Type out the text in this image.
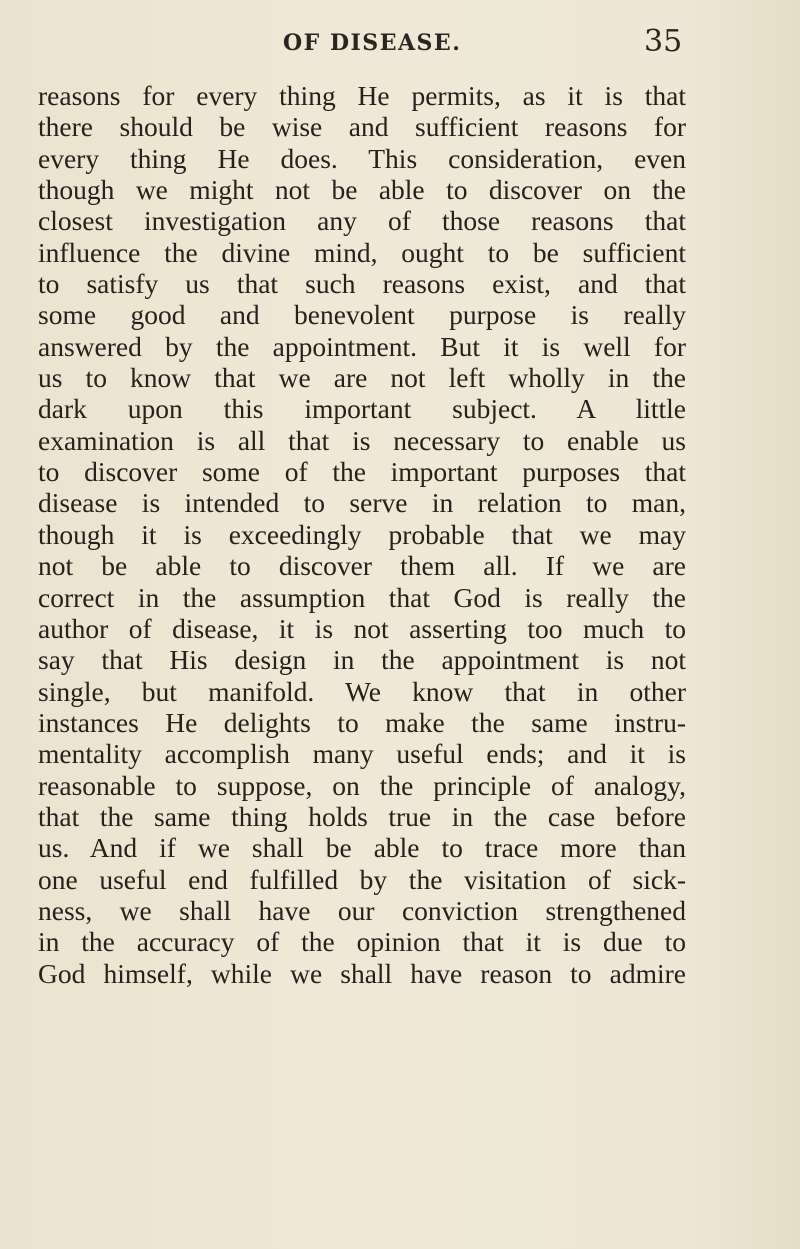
OF DISEASE.	35
reasons for every thing He permits, as it is that
there should be wise and sufficient reasons for
every thing He does. This consideration, even
though we might not be able to discover on the
closest investigation any of those reasons that
influence the divine mind, ought to be sufficient
to satisfy us that such reasons exist, and that
some good and benevolent purpose is really
answered by the appointment. But it is well for
us to know that we are not left wholly in the
dark upon this important subject. A little
examination is all that is necessary to enable us
to discover some of the important purposes that
disease is intended to serve in relation to man,
though it is exceedingly probable that we may
not be able to discover them all. If we are
correct in the assumption that God is really the
author of disease, it is not asserting too much to
say that His design in the appointment is not
single, but manifold. We know that in other
instances He delights to make the same instru-
mentality accomplish many useful ends; and it is
reasonable to suppose, on the principle of analogy,
that the same thing holds true in the case before
us. And if we shall be able to trace more than
one useful end fulfilled by the visitation of sick-
ness, we shall have our conviction strengthened
in the accuracy of the opinion that it is due to
God himself, while we shall have reason to admire
